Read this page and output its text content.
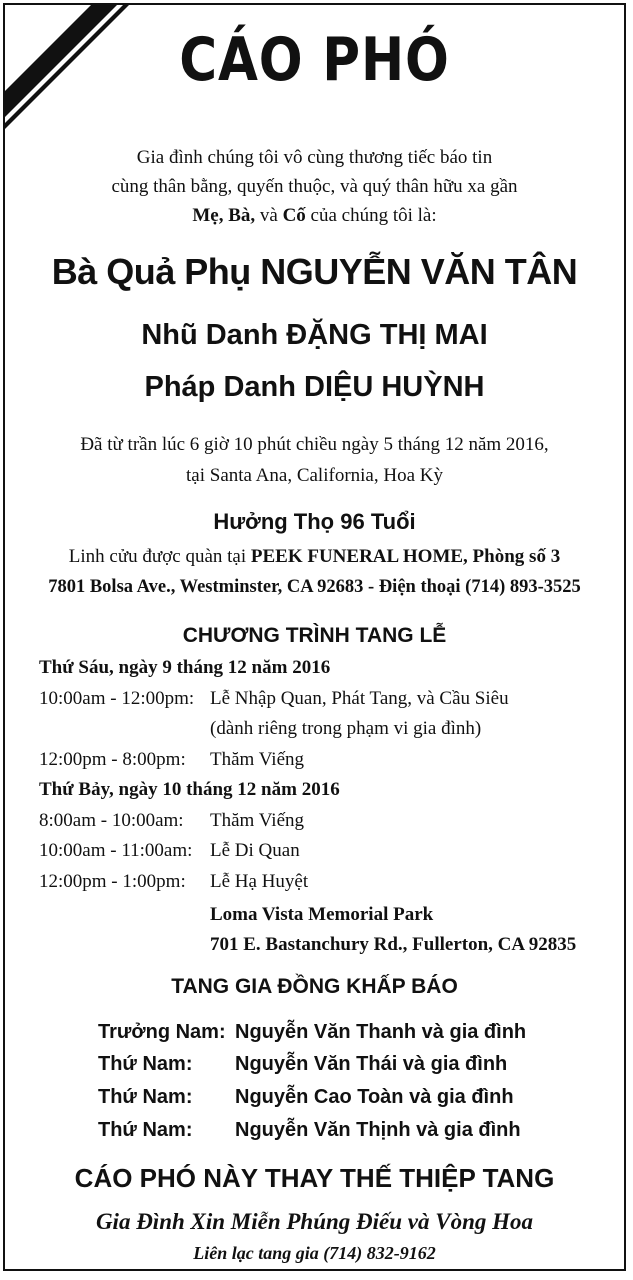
CÁO PHÓ
Gia đình chúng tôi vô cùng thương tiếc báo tin
cùng thân bằng, quyến thuộc, và quý thân hữu xa gần
Mẹ, Bà, và Cố của chúng tôi là:
Bà Quả Phụ NGUYỄN VĂN TÂN
Nhũ Danh ĐẶNG THỊ MAI
Pháp Danh DIỆU HUỲNH
Đã từ trần lúc 6 giờ 10 phút chiều ngày 5 tháng 12 năm 2016,
tại Santa Ana, California, Hoa Kỳ
Hưởng Thọ 96 Tuổi
Linh cửu được quàn tại PEEK FUNERAL HOME, Phòng số 3
7801 Bolsa Ave., Westminster, CA 92683 - Điện thoại (714) 893-3525
CHƯƠNG TRÌNH TANG LỄ
Thứ Sáu, ngày 9 tháng 12 năm 2016
10:00am - 12:00pm: Lễ Nhập Quan, Phát Tang, và Cầu Siêu
(dành riêng trong phạm vi gia đình)
12:00pm - 8:00pm: Thăm Viếng
Thứ Bảy, ngày 10 tháng 12 năm 2016
8:00am - 10:00am: Thăm Viếng
10:00am - 11:00am: Lễ Di Quan
12:00pm - 1:00pm: Lễ Hạ Huyệt
Loma Vista Memorial Park
701 E. Bastanchury Rd., Fullerton, CA 92835
TANG GIA ĐỒNG KHẤP BÁO
Trưởng Nam: Nguyễn Văn Thanh và gia đình
Thứ Nam: Nguyễn Văn Thái và gia đình
Thứ Nam: Nguyễn Cao Toàn và gia đình
Thứ Nam: Nguyễn Văn Thịnh và gia đình
CÁO PHÓ NÀY THAY THẾ THIỆP TANG
Gia Đình Xin Miễn Phúng Điếu và Vòng Hoa
Liên lạc tang gia (714) 832-9162
